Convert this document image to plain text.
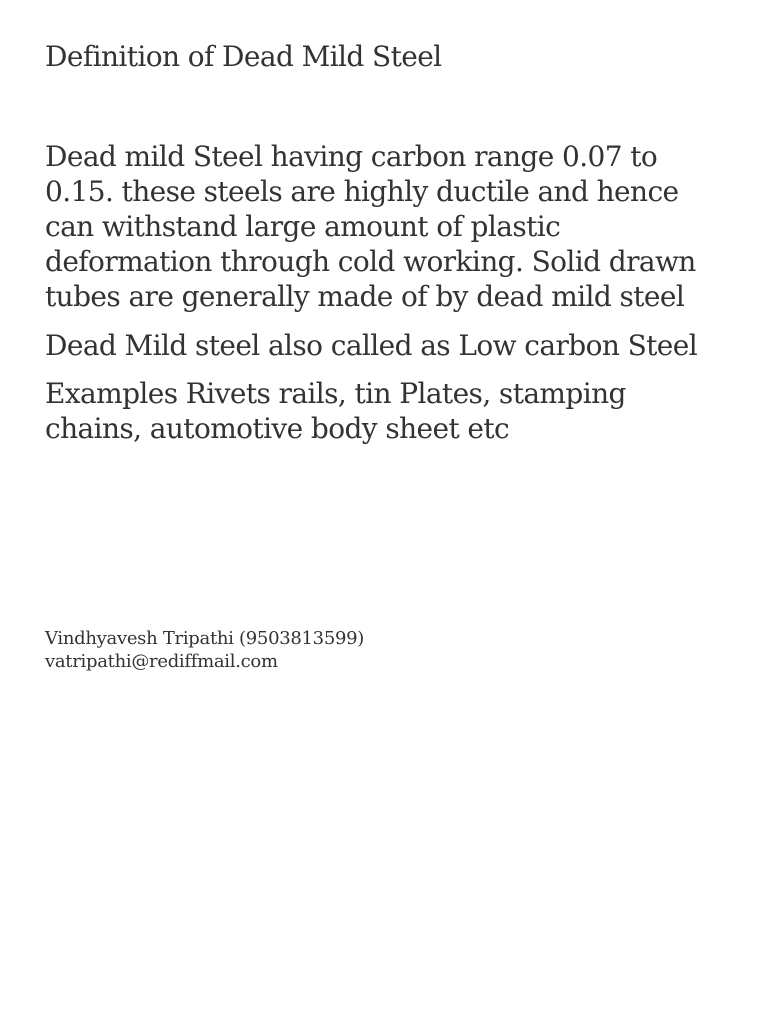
Definition of Dead Mild Steel

Dead mild Steel having carbon range 0.07 to 0.15. these steels are highly ductile and hence can withstand large amount of plastic deformation through cold working. Solid drawn tubes are generally made of by dead mild steel

Dead Mild steel also called as Low carbon Steel

Examples Rivets rails, tin Plates, stamping chains, automotive body sheet etc

Vindhyavesh Tripathi (9503813599)
vatripathi@rediffmail.com
